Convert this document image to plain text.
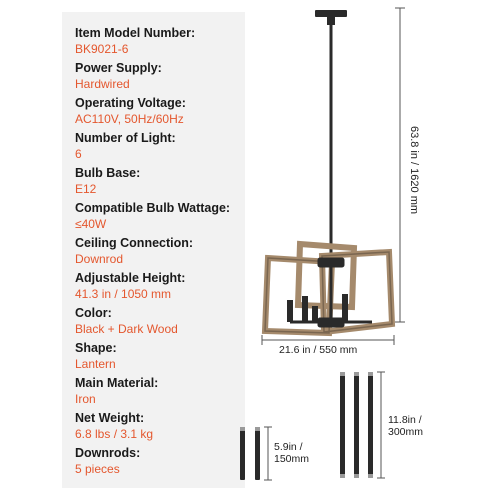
Item Model Number:
BK9021-6
Power Supply:
Hardwired
Operating Voltage:
AC110V, 50Hz/60Hz
Number of Light:
6
Bulb Base:
E12
Compatible Bulb Wattage:
≤40W
Ceiling Connection:
Downrod
Adjustable Height:
41.3 in / 1050 mm
Color:
Black + Dark Wood
Shape:
Lantern
Main Material:
Iron
Net Weight:
6.8 lbs / 3.1 kg
Downrods:
5 pieces
63.8 in / 1620 mm
21.6 in / 550 mm
5.9in /
150mm
11.8in /
300mm
